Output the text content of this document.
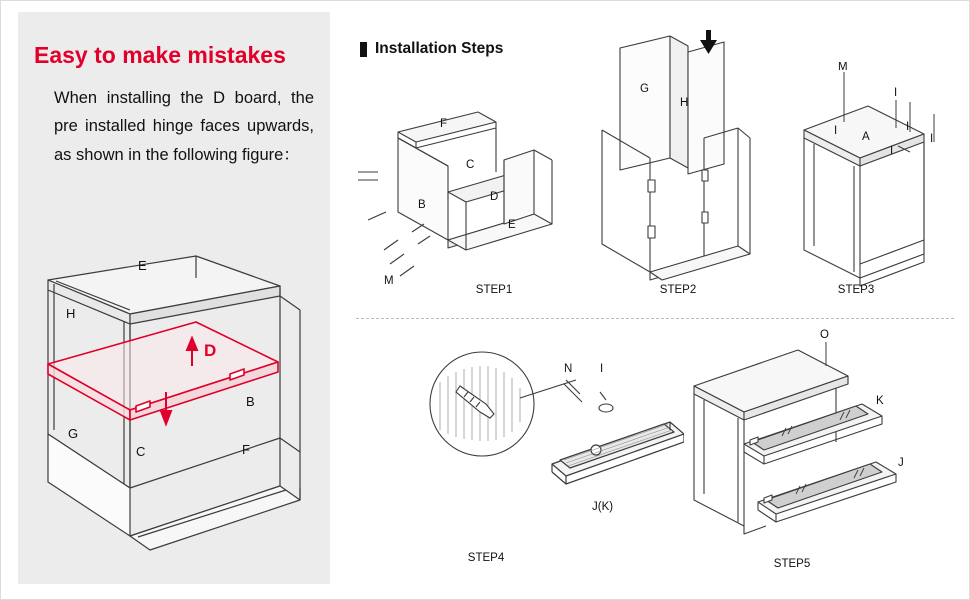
Easy to make mistakes
When installing the D board, the pre installed hinge faces upwards, as shown in the following figure：
E
H
D
G
B
C	F
Installation Steps
F
C
B
D
E
M
STEP1
G
H
STEP2
M
I
I
I
I
I
A
STEP3
N I
J(K)
STEP4
O
K
J
STEP5
